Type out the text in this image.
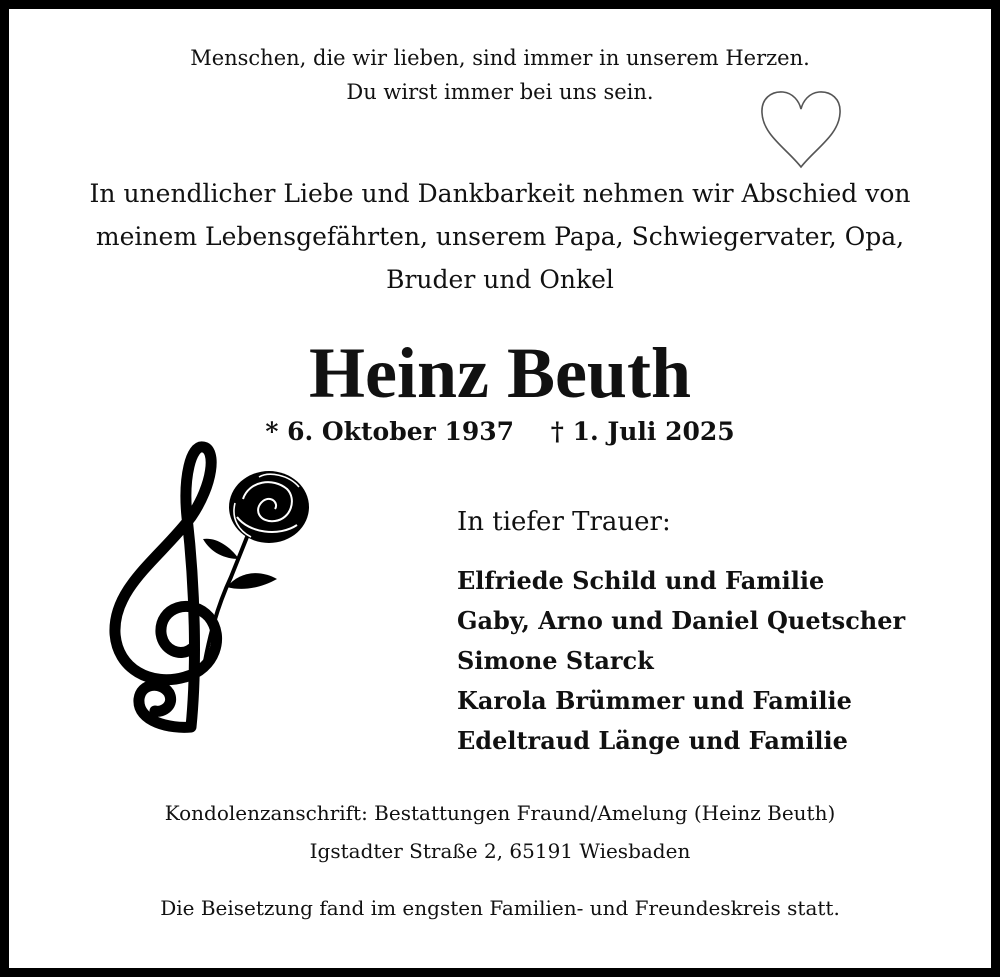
Menschen, die wir lieben, sind immer in unserem Herzen.
Du wirst immer bei uns sein.
In unendlicher Liebe und Dankbarkeit nehmen wir Abschied von
meinem Lebensgefährten, unserem Papa, Schwiegervater, Opa,
Bruder und Onkel
Heinz Beuth
* 6. Oktober 1937 † 1. Juli 2025
In tiefer Trauer:
Elfriede Schild und Familie
Gaby, Arno und Daniel Quetscher
Simone Starck
Karola Brümmer und Familie
Edeltraud Länge und Familie
Kondolenzanschrift: Bestattungen Fraund/Amelung (Heinz Beuth)
Igstadter Straße 2, 65191 Wiesbaden
Die Beisetzung fand im engsten Familien- und Freundeskreis statt.
